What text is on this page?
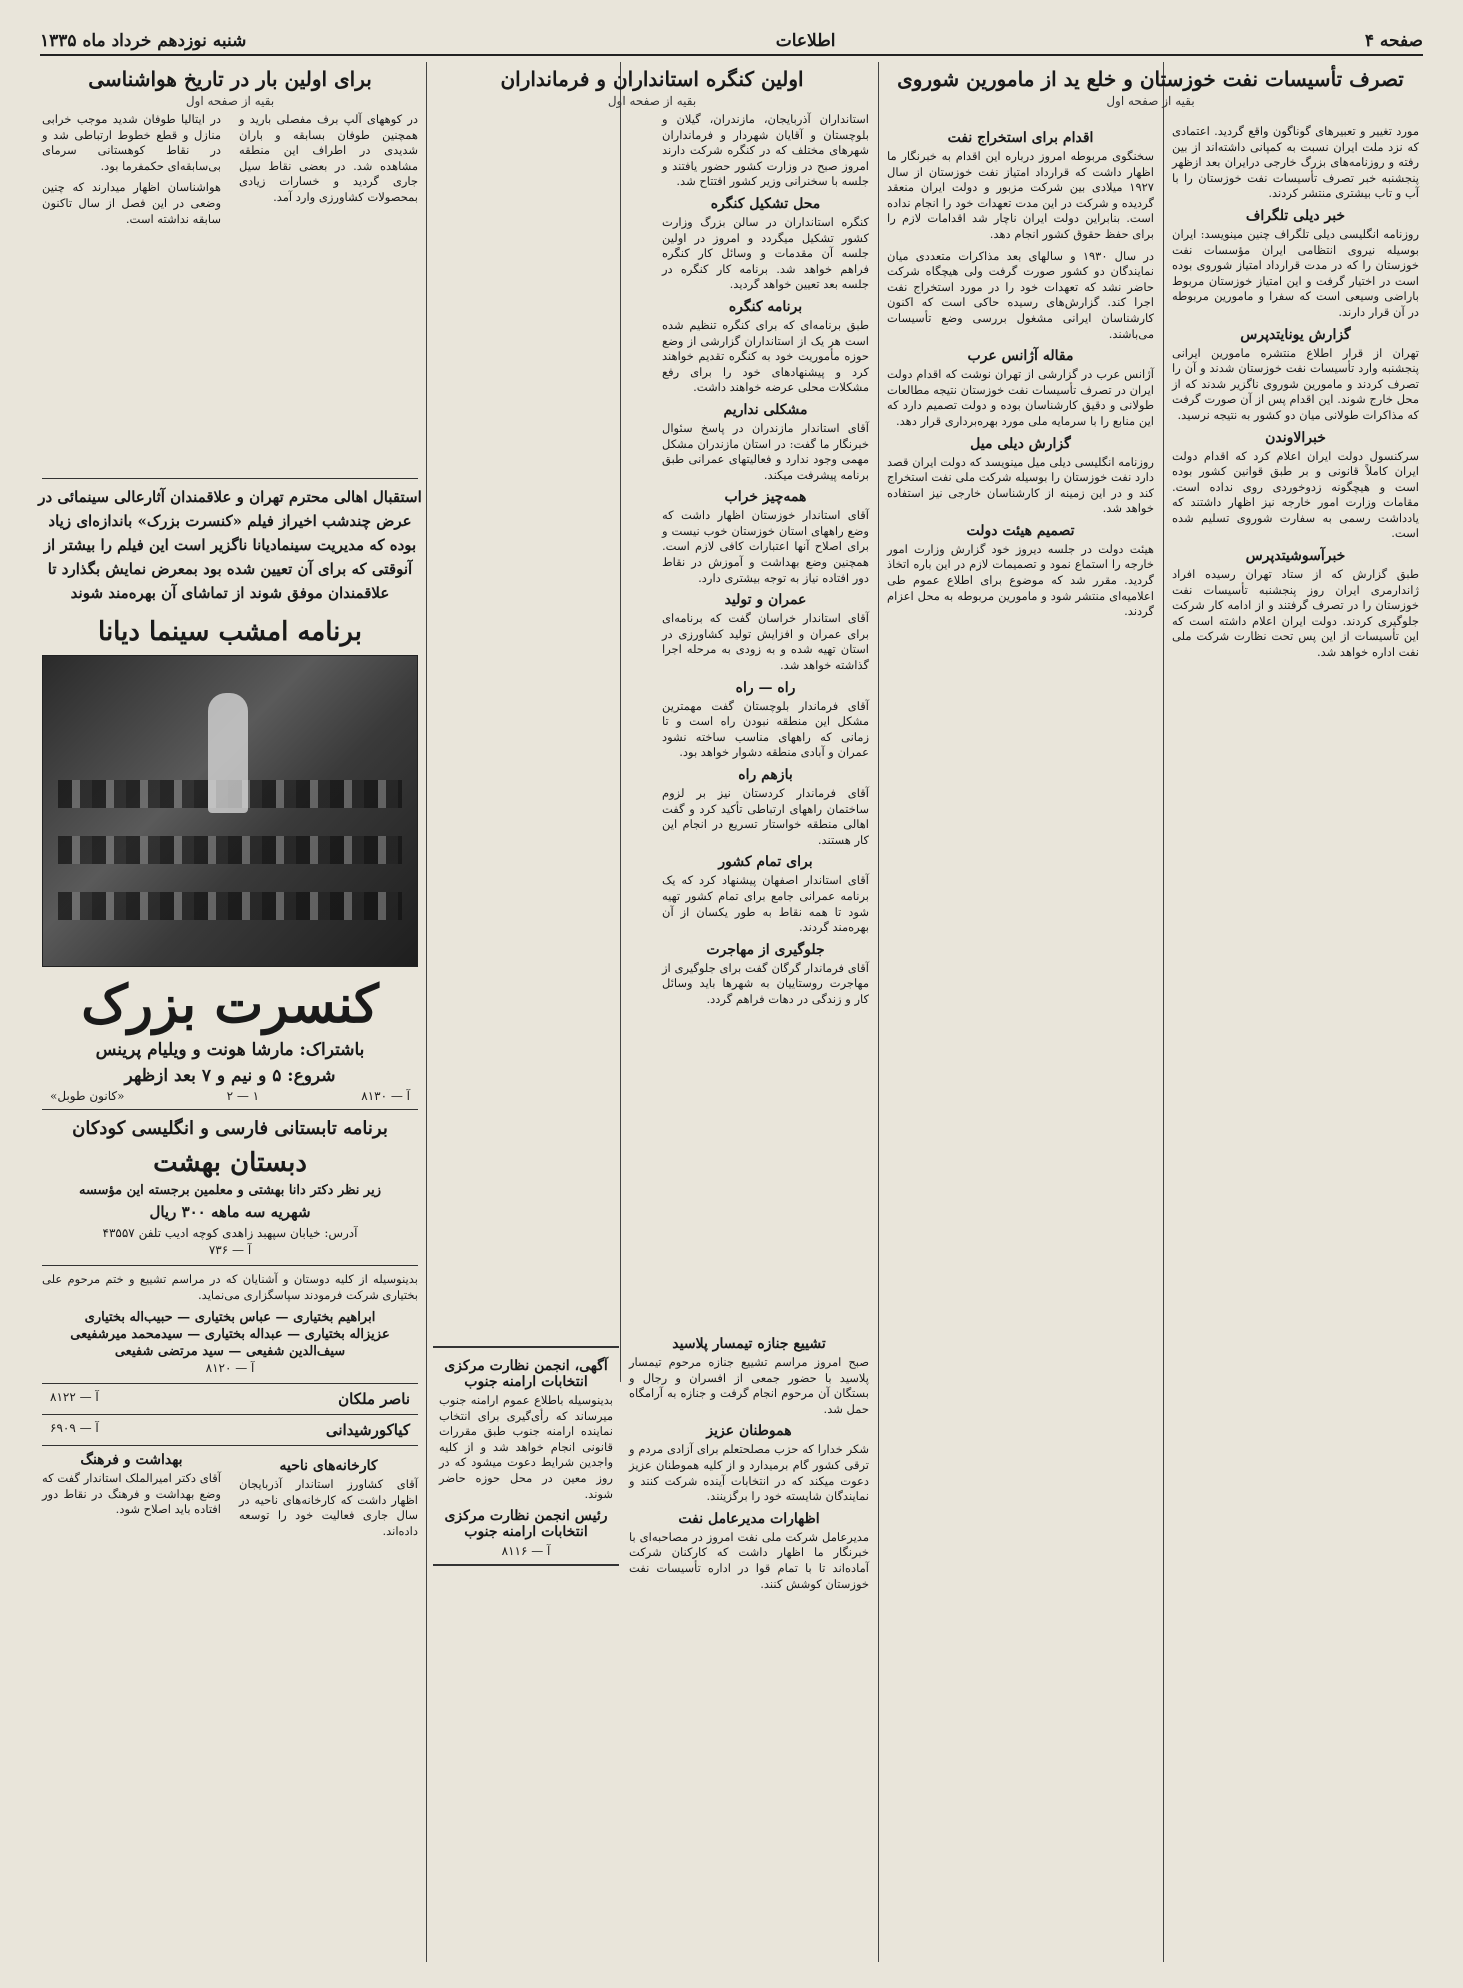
صفحه ۴
اطلاعات
شنبه نوزدهم خرداد ماه ۱۳۳۵
تصرف تأسیسات نفت خوزستان و خلع ید از مامورین شوروی
بقیه از صفحه اول

مورد تغییر و تعبیرهای گوناگون واقع گردید. اعتمادی که نزد ملت ایران نسبت به کمپانی داشته‌اند از بین رفته و روزنامه‌های بزرگ خارجی درایران بعد ازظهر پنجشنبه خبر تصرف تأسیسات نفت خوزستان را با آب و تاب بیشتری منتشر کردند.

خبر دیلی تلگراف

روزنامه انگلیسی دیلی تلگراف چنین مینویسد: ایران بوسیله نیروی انتظامی ایران مؤسسات نفت خوزستان را که در مدت قرارداد امتیاز شوروی بوده است در اختیار گرفت و این امتیاز خوزستان مربوط باراضی وسیعی است که سفرا و مامورین مربوطه در آن قرار دارند.

گزارش یونایتدپرس

تهران از قرار اطلاع منتشره مامورین ایرانی پنجشنبه وارد تأسیسات نفت خوزستان شدند و آن را تصرف کردند و مامورین شوروی ناگزیر شدند که از محل خارج شوند. این اقدام پس از آن صورت گرفت که مذاکرات طولانی میان دو کشور به نتیجه نرسید.

خبرالاوندن

سرکنسول دولت ایران اعلام کرد که اقدام دولت ایران کاملاً قانونی و بر طبق قوانین کشور بوده است و هیچگونه زدوخوردی روی نداده است. مقامات وزارت امور خارجه نیز اظهار داشتند که یادداشت رسمی به سفارت شوروی تسلیم شده است.

خبرآسوشیتدپرس

طبق گزارش که از ستاد تهران رسیده افراد ژاندارمری ایران روز پنجشنبه تأسیسات نفت خوزستان را در تصرف گرفتند و از ادامه کار شرکت جلوگیری کردند. دولت ایران اعلام داشته است که این تأسیسات از این پس تحت نظارت شرکت ملی نفت اداره خواهد شد.

اقدام برای استخراج نفت

سخنگوی مربوطه امروز درباره این اقدام به خبرنگار ما اظهار داشت که قرارداد امتیاز نفت خوزستان از سال ۱۹۲۷ میلادی بین شرکت مزبور و دولت ایران منعقد گردیده و شرکت در این مدت تعهدات خود را انجام نداده است. بنابراین دولت ایران ناچار شد اقدامات لازم را برای حفظ حقوق کشور انجام دهد.

در سال ۱۹۳۰ و سالهای بعد مذاکرات متعددی میان نمایندگان دو کشور صورت گرفت ولی هیچگاه شرکت حاضر نشد که تعهدات خود را در مورد استخراج نفت اجرا کند. گزارش‌های رسیده حاکی است که اکنون کارشناسان ایرانی مشغول بررسی وضع تأسیسات می‌باشند.

مقاله آژانس عرب

آژانس عرب در گزارشی از تهران نوشت که اقدام دولت ایران در تصرف تأسیسات نفت خوزستان نتیجه مطالعات طولانی و دقیق کارشناسان بوده و دولت تصمیم دارد که این منابع را با سرمایه ملی مورد بهره‌برداری قرار دهد.

گزارش دیلی میل

روزنامه انگلیسی دیلی میل مینویسد که دولت ایران قصد دارد نفت خوزستان را بوسیله شرکت ملی نفت استخراج کند و در این زمینه از کارشناسان خارجی نیز استفاده خواهد شد.

تصمیم هیئت دولت

هیئت دولت در جلسه دیروز خود گزارش وزارت امور خارجه را استماع نمود و تصمیمات لازم در این باره اتخاذ گردید. مقرر شد که موضوع برای اطلاع عموم طی اعلامیه‌ای منتشر شود و مامورین مربوطه به محل اعزام گردند.

اولین کنگره استانداران و فرمانداران
بقیه از صفحه اول

استانداران آذربایجان، مازندران، گیلان و بلوچستان و آقایان شهردار و فرمانداران شهرهای مختلف که در کنگره شرکت دارند امروز صبح در وزارت کشور حضور یافتند و جلسه با سخنرانی وزیر کشور افتتاح شد.

محل تشکیل کنگره

کنگره استانداران در سالن بزرگ وزارت کشور تشکیل میگردد و امروز در اولین جلسه آن مقدمات و وسائل کار کنگره فراهم خواهد شد. برنامه کار کنگره در جلسه بعد تعیین خواهد گردید.

برنامه کنگره

طبق برنامه‌ای که برای کنگره تنظیم شده است هر یک از استانداران گزارشی از وضع حوزه مأموریت خود به کنگره تقدیم خواهند کرد و پیشنهادهای خود را برای رفع مشکلات محلی عرضه خواهند داشت.

مشکلی نداریم

آقای استاندار مازندران در پاسخ سئوال خبرنگار ما گفت: در استان مازندران مشکل مهمی وجود ندارد و فعالیتهای عمرانی طبق برنامه پیشرفت میکند.

همه‌چیز خراب

آقای استاندار خوزستان اظهار داشت که وضع راههای استان خوزستان خوب نیست و برای اصلاح آنها اعتبارات کافی لازم است. همچنین وضع بهداشت و آموزش در نقاط دور افتاده نیاز به توجه بیشتری دارد.

عمران و تولید

آقای استاندار خراسان گفت که برنامه‌ای برای عمران و افزایش تولید کشاورزی در استان تهیه شده و به زودی به مرحله اجرا گذاشته خواهد شد.

راه — راه

آقای فرماندار بلوچستان گفت مهمترین مشکل این منطقه نبودن راه است و تا زمانی که راههای مناسب ساخته نشود عمران و آبادی منطقه دشوار خواهد بود.

بازهم راه

آقای فرماندار کردستان نیز بر لزوم ساختمان راههای ارتباطی تأکید کرد و گفت اهالی منطقه خواستار تسریع در انجام این کار هستند.

برای تمام کشور

آقای استاندار اصفهان پیشنهاد کرد که یک برنامه عمرانی جامع برای تمام کشور تهیه شود تا همه نقاط به طور یکسان از آن بهره‌مند گردند.

جلوگیری از مهاجرت

آقای فرماندار گرگان گفت برای جلوگیری از مهاجرت روستاییان به شهرها باید وسائل کار و زندگی در دهات فراهم گردد.

تشییع جنازه تیمسار پلاسید

صبح امروز مراسم تشییع جنازه مرحوم تیمسار پلاسید با حضور جمعی از افسران و رجال و بستگان آن مرحوم انجام گرفت و جنازه به آرامگاه حمل شد.

هموطنان عزیز

شکر خدارا که حزب مصلحتعلم برای آزادی مردم و ترقی کشور گام برمیدارد و از کلیه هموطنان عزیز دعوت میکند که در انتخابات آینده شرکت کنند و نمایندگان شایسته خود را برگزینند.

اظهارات مدیرعامل نفت

مدیرعامل شرکت ملی نفت امروز در مصاحبه‌ای با خبرنگار ما اظهار داشت که کارکنان شرکت آماده‌اند تا با تمام قوا در اداره تأسیسات نفت خوزستان کوشش کنند.

آگهی، انجمن نظارت مرکزی انتخابات ارامنه جنوب

بدینوسیله باطلاع عموم ارامنه جنوب میرساند که رأی‌گیری برای انتخاب نماینده ارامنه جنوب طبق مقررات قانونی انجام خواهد شد و از کلیه واجدین شرایط دعوت میشود که در روز معین در محل حوزه حاضر شوند.

رئیس انجمن نظارت مرکزی انتخابات ارامنه جنوب
آ — ۸۱۱۶
برای اولین بار در تاریخ هواشناسی
بقیه از صفحه اول

در کوههای آلپ برف مفصلی بارید و همچنین طوفان بسابقه و باران شدیدی در اطراف این منطقه مشاهده شد. در بعضی نقاط سیل جاری گردید و خسارات زیادی بمحصولات کشاورزی وارد آمد.

در ایتالیا طوفان شدید موجب خرابی منازل و قطع خطوط ارتباطی شد و در نقاط کوهستانی سرمای بی‌سابقه‌ای حکمفرما بود.

هواشناسان اظهار میدارند که چنین وضعی در این فصل از سال تاکنون سابقه نداشته است.

استقبال اهالی محترم تهران و علاقمندان آثارعالی سینمائی در عرض چندشب اخیراز فیلم «کنسرت بزرک» باندازه‌ای زیاد بوده که مدیریت سینمادیانا ناگزیر است این فیلم را بیشتر از آنوقتی که برای آن تعیین شده بود بمعرض نمایش بگذارد تا علاقمندان موفق شوند از تماشای آن بهره‌مند شوند
برنامه امشب سینما دیانا
کنسرت بزرک
باشتراک: مارشا هونت و ویلیام پرینس
شروع: ۵ و نیم و ۷ بعد ازظهر
آ — ۸۱۳۰
۱ — ۲
«کانون طوبل»
برنامه تابستانی فارسی و انگلیسی کودکان
دبستان بهشت
زیر نظر دکتر دانا بهشتی و معلمین برجسته این مؤسسه
شهریه سه ماهه ۳۰۰ ریال
آدرس: خیابان سپهبد زاهدی کوچه ادیب تلفن ۴۳۵۵۷
آ — ۷۳۶

بدینوسیله از کلیه دوستان و آشنایان که در مراسم تشییع و ختم مرحوم علی بختیاری شرکت فرمودند سپاسگزاری می‌نماید.

ابراهیم بختیاری — عباس بختیاری — حبیب‌اله بختیاری
عزیزاله بختیاری — عبداله بختیاری — سیدمحمد میرشفیعی
سیف‌الدین شفیعی — سید مرتضی شفیعی
آ — ۸۱۲۰
ناصر ملکان
آ — ۸۱۲۲
کیاکورشیدانی
آ — ۶۹۰۹
کارخانه‌های ناحیه

آقای کشاورز استاندار آذربایجان اظهار داشت که کارخانه‌های ناحیه در سال جاری فعالیت خود را توسعه داده‌اند.

بهداشت و فرهنگ

آقای دکتر امیرالملک استاندار گفت که وضع بهداشت و فرهنگ در نقاط دور افتاده باید اصلاح شود.
